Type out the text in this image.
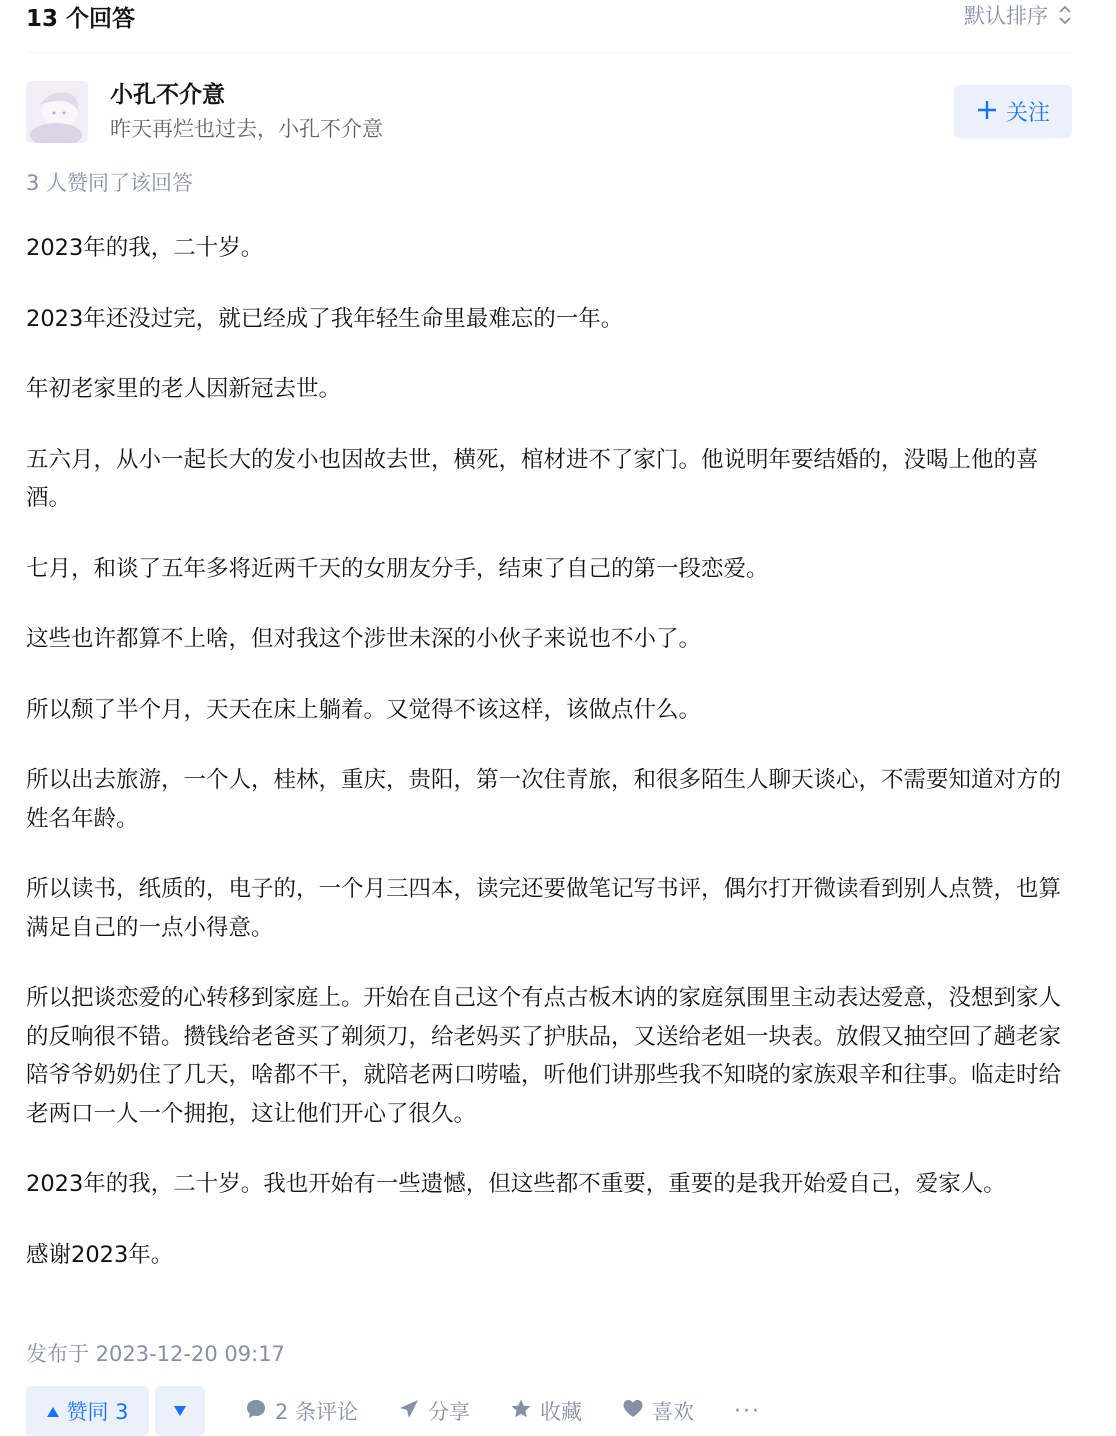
13 个回答	默认排序
小孔不介意
昨天再烂也过去，小孔不介意
关注
3 人赞同了该回答

2023年的我，二十岁。

2023年还没过完，就已经成了我年轻生命里最难忘的一年。

年初老家里的老人因新冠去世。

五六月，从小一起长大的发小也因故去世，横死，棺材进不了家门。他说明年要结婚的，没喝上他的喜酒。

七月，和谈了五年多将近两千天的女朋友分手，结束了自己的第一段恋爱。

这些也许都算不上啥，但对我这个涉世未深的小伙子来说也不小了。

所以颓了半个月，天天在床上躺着。又觉得不该这样，该做点什么。

所以出去旅游，一个人，桂林，重庆，贵阳，第一次住青旅，和很多陌生人聊天谈心，不需要知道对方的姓名年龄。

所以读书，纸质的，电子的，一个月三四本，读完还要做笔记写书评，偶尔打开微读看到别人点赞，也算满足自己的一点小得意。

所以把谈恋爱的心转移到家庭上。开始在自己这个有点古板木讷的家庭氛围里主动表达爱意，没想到家人的反响很不错。攒钱给老爸买了剃须刀，给老妈买了护肤品，又送给老姐一块表。放假又抽空回了趟老家陪爷爷奶奶住了几天，啥都不干，就陪老两口唠嗑，听他们讲那些我不知晓的家族艰辛和往事。临走时给老两口一人一个拥抱，这让他们开心了很久。

2023年的我，二十岁。我也开始有一些遗憾，但这些都不重要，重要的是我开始爱自己，爱家人。

感谢2023年。

发布于 2023-12-20 09:17
赞同 3	2 条评论	分享	收藏	喜欢 ···
